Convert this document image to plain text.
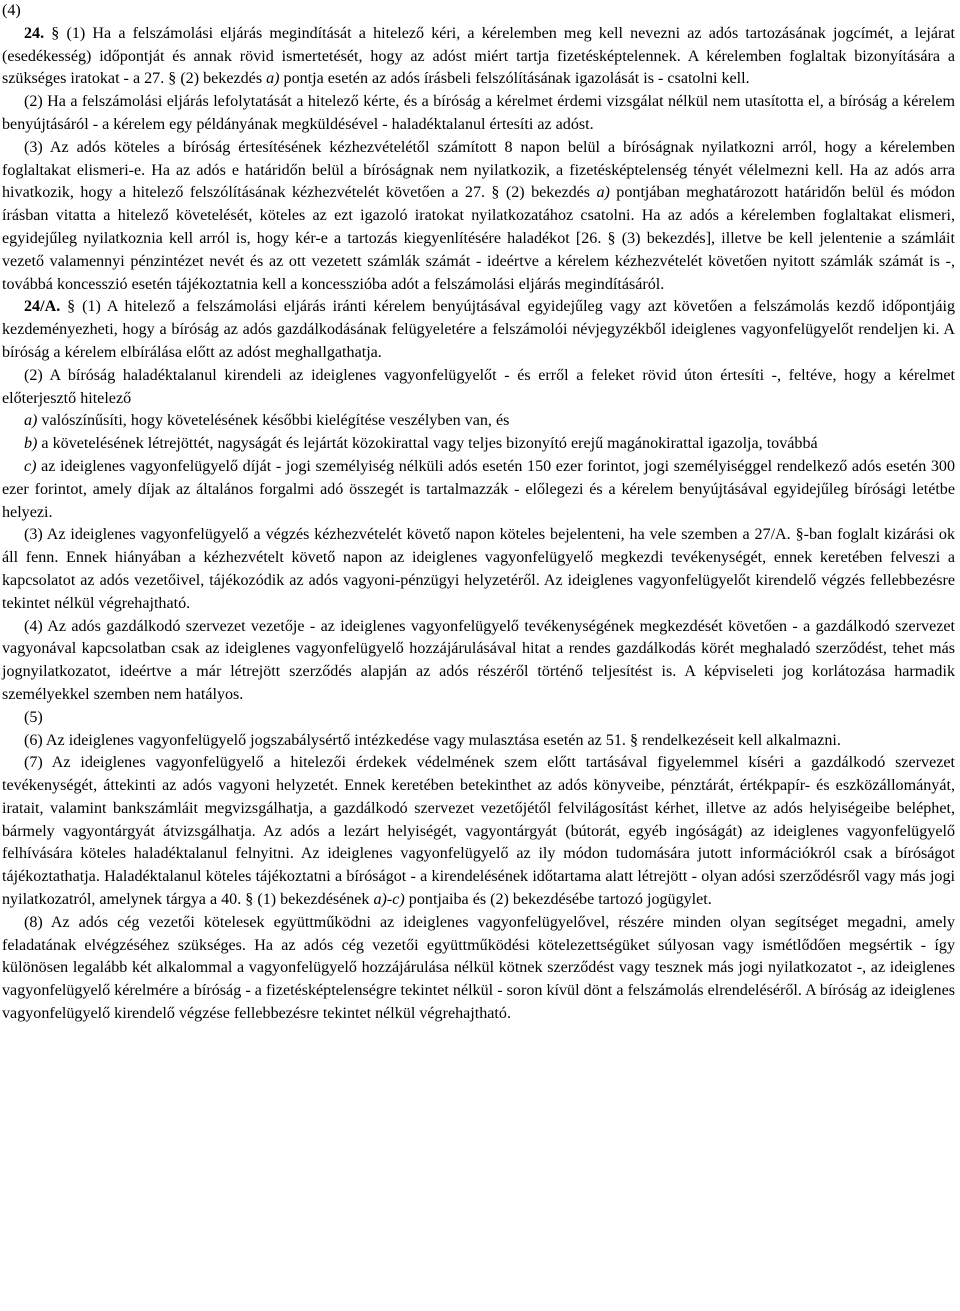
(4)

24. § (1) Ha a felszámolási eljárás megindítását a hitelező kéri, a kérelemben meg kell nevezni az adós tartozásának jogcímét, a lejárat (esedékesség) időpontját és annak rövid ismertetését, hogy az adóst miért tartja fizetésképtelennek. A kérelemben foglaltak bizonyítására a szükséges iratokat - a 27. § (2) bekezdés a) pontja esetén az adós írásbeli felszólításának igazolását is - csatolni kell.

(2) Ha a felszámolási eljárás lefolytatását a hitelező kérte, és a bíróság a kérelmet érdemi vizsgálat nélkül nem utasította el, a bíróság a kérelem benyújtásáról - a kérelem egy példányának megküldésével - haladéktalanul értesíti az adóst.

(3) Az adós köteles a bíróság értesítésének kézhezvételétől számított 8 napon belül a bíróságnak nyilatkozni arról, hogy a kérelemben foglaltakat elismeri-e. Ha az adós e határidőn belül a bíróságnak nem nyilatkozik, a fizetésképtelenség tényét vélelmezni kell. Ha az adós arra hivatkozik, hogy a hitelező felszólításának kézhezvételét követően a 27. § (2) bekezdés a) pontjában meghatározott határidőn belül és módon írásban vitatta a hitelező követelését, köteles az ezt igazoló iratokat nyilatkozatához csatolni. Ha az adós a kérelemben foglaltakat elismeri, egyidejűleg nyilatkoznia kell arról is, hogy kér-e a tartozás kiegyenlítésére haladékot [26. § (3) bekezdés], illetve be kell jelentenie a számláit vezető valamennyi pénzintézet nevét és az ott vezetett számlák számát - ideértve a kérelem kézhezvételét követően nyitott számlák számát is -, továbbá koncesszió esetén tájékoztatnia kell a koncesszióba adót a felszámolási eljárás megindításáról.

24/A. § (1) A hitelező a felszámolási eljárás iránti kérelem benyújtásával egyidejűleg vagy azt követően a felszámolás kezdő időpontjáig kezdeményezheti, hogy a bíróság az adós gazdálkodásának felügyeletére a felszámolói névjegyzékből ideiglenes vagyonfelügyelőt rendeljen ki. A bíróság a kérelem elbírálása előtt az adóst meghallgathatja.

(2) A bíróság haladéktalanul kirendeli az ideiglenes vagyonfelügyelőt - és erről a feleket rövid úton értesíti -, feltéve, hogy a kérelmet előterjesztő hitelező

a) valószínűsíti, hogy követelésének későbbi kielégítése veszélyben van, és

b) a követelésének létrejöttét, nagyságát és lejártát közokirattal vagy teljes bizonyító erejű magánokirattal igazolja, továbbá

c) az ideiglenes vagyonfelügyelő díját - jogi személyiség nélküli adós esetén 150 ezer forintot, jogi személyiséggel rendelkező adós esetén 300 ezer forintot, amely díjak az általános forgalmi adó összegét is tartalmazzák - előlegezi és a kérelem benyújtásával egyidejűleg bírósági letétbe helyezi.

(3) Az ideiglenes vagyonfelügyelő a végzés kézhezvételét követő napon köteles bejelenteni, ha vele szemben a 27/A. §-ban foglalt kizárási ok áll fenn. Ennek hiányában a kézhezvételt követő napon az ideiglenes vagyonfelügyelő megkezdi tevékenységét, ennek keretében felveszi a kapcsolatot az adós vezetőivel, tájékozódik az adós vagyoni-pénzügyi helyzetéről. Az ideiglenes vagyonfelügyelőt kirendelő végzés fellebbezésre tekintet nélkül végrehajtható.

(4) Az adós gazdálkodó szervezet vezetője - az ideiglenes vagyonfelügyelő tevékenységének megkezdését követően - a gazdálkodó szervezet vagyonával kapcsolatban csak az ideiglenes vagyonfelügyelő hozzájárulásával hitat a rendes gazdálkodás körét meghaladó szerződést, tehet más jognyilatkozatot, ideértve a már létrejött szerződés alapján az adós részéről történő teljesítést is. A képviseleti jog korlátozása harmadik személyekkel szemben nem hatályos.

(5)

(6) Az ideiglenes vagyonfelügyelő jogszabálysértő intézkedése vagy mulasztása esetén az 51. § rendelkezéseit kell alkalmazni.

(7) Az ideiglenes vagyonfelügyelő a hitelezői érdekek védelmének szem előtt tartásával figyelemmel kíséri a gazdálkodó szervezet tevékenységét, áttekinti az adós vagyoni helyzetét. Ennek keretében betekinthet az adós könyveibe, pénztárát, értékpapír- és eszközállományát, iratait, valamint bankszámláit megvizsgálhatja, a gazdálkodó szervezet vezetőjétől felvilágosítást kérhet, illetve az adós helyiségeibe beléphet, bármely vagyontárgyát átvizsgálhatja. Az adós a lezárt helyiségét, vagyontárgyát (bútorát, egyéb ingóságát) az ideiglenes vagyonfelügyelő felhívására köteles haladéktalanul felnyitni. Az ideiglenes vagyonfelügyelő az ily módon tudomására jutott információkról csak a bíróságot tájékoztathatja. Haladéktalanul köteles tájékoztatni a bíróságot - a kirendelésének időtartama alatt létrejött - olyan adósi szerződésről vagy más jogi nyilatkozatról, amelynek tárgya a 40. § (1) bekezdésének a)-c) pontjaiba és (2) bekezdésébe tartozó jogügylet.

(8) Az adós cég vezetői kötelesek együttműködni az ideiglenes vagyonfelügyelővel, részére minden olyan segítséget megadni, amely feladatának elvégzéséhez szükséges. Ha az adós cég vezetői együttműködési kötelezettségüket súlyosan vagy ismétlődően megsértik - így különösen legalább két alkalommal a vagyonfelügyelő hozzájárulása nélkül kötnek szerződést vagy tesznek más jogi nyilatkozatot -, az ideiglenes vagyonfelügyelő kérelmére a bíróság - a fizetésképtelenségre tekintet nélkül - soron kívül dönt a felszámolás elrendeléséről. A bíróság az ideiglenes vagyonfelügyelő kirendelő végzése fellebbezésre tekintet nélkül végrehajtható.
